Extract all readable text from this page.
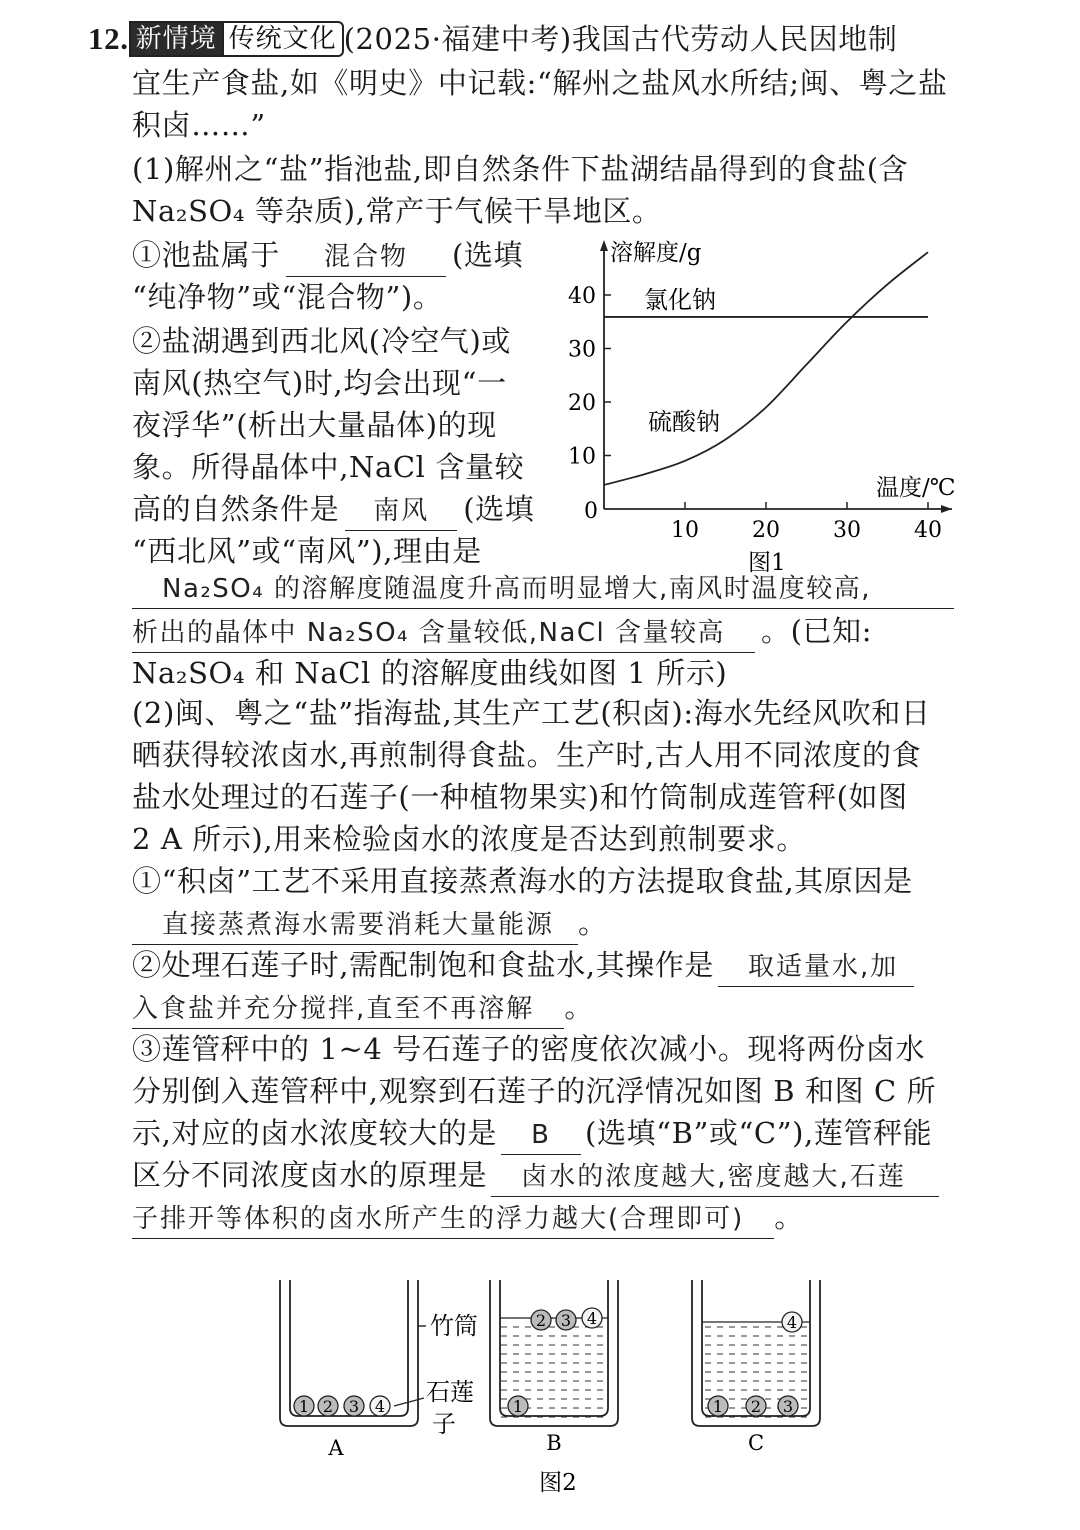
12. 新情境 传统文化 (2025·福建中考)我国古代劳动人民因地制
宜生产食盐,如《明史》中记载:“解州之盐风水所结;闽、粤之盐
积卤……”
(1)解州之“盐”指池盐,即自然条件下盐湖结晶得到的食盐(含
Na₂SO₄ 等杂质),常产于气候干旱地区。
①池盐属于 混合物 (选填
“纯净物”或“混合物”)。
②盐湖遇到西北风(冷空气)或
南风(热空气)时,均会出现“一
夜浮华”(析出大量晶体)的现
象。所得晶体中,NaCl 含量较
高的自然条件是 南风 (选填
“西北风”或“南风”),理由是
Na₂SO₄ 的溶解度随温度升高而明显增大,南风时温度较高,
析出的晶体中 Na₂SO₄ 含量较低,NaCl 含量较高 。(已知:
Na₂SO₄ 和 NaCl 的溶解度曲线如图 1 所示)
10 20 30 40
10
20
30
40
溶解度/g
温度/℃
0
氯化钠
硫酸钠
图1
(2)闽、粤之“盐”指海盐,其生产工艺(积卤):海水先经风吹和日
晒获得较浓卤水,再煎制得食盐。生产时,古人用不同浓度的食
盐水处理过的石莲子(一种植物果实)和竹筒制成莲管秤(如图
2 A 所示),用来检验卤水的浓度是否达到煎制要求。
①“积卤”工艺不采用直接蒸煮海水的方法提取食盐,其原因是
直接蒸煮海水需要消耗大量能源 。
②处理石莲子时,需配制饱和食盐水,其操作是 取适量水,加
入食盐并充分搅拌,直至不再溶解 。
③莲管秤中的 1~4 号石莲子的密度依次减小。现将两份卤水
分别倒入莲管秤中,观察到石莲子的沉浮情况如图 B 和图 C 所
示,对应的卤水浓度较大的是 B (选填“B”或“C”),莲管秤能
区分不同浓度卤水的原理是 卤水的浓度越大,密度越大,石莲
子排开等体积的卤水所产生的浮力越大(合理即可) 。
1 2 3 4
A
竹筒
石莲
子
1
2 3 4
B
1 2 3
4
C
图2
